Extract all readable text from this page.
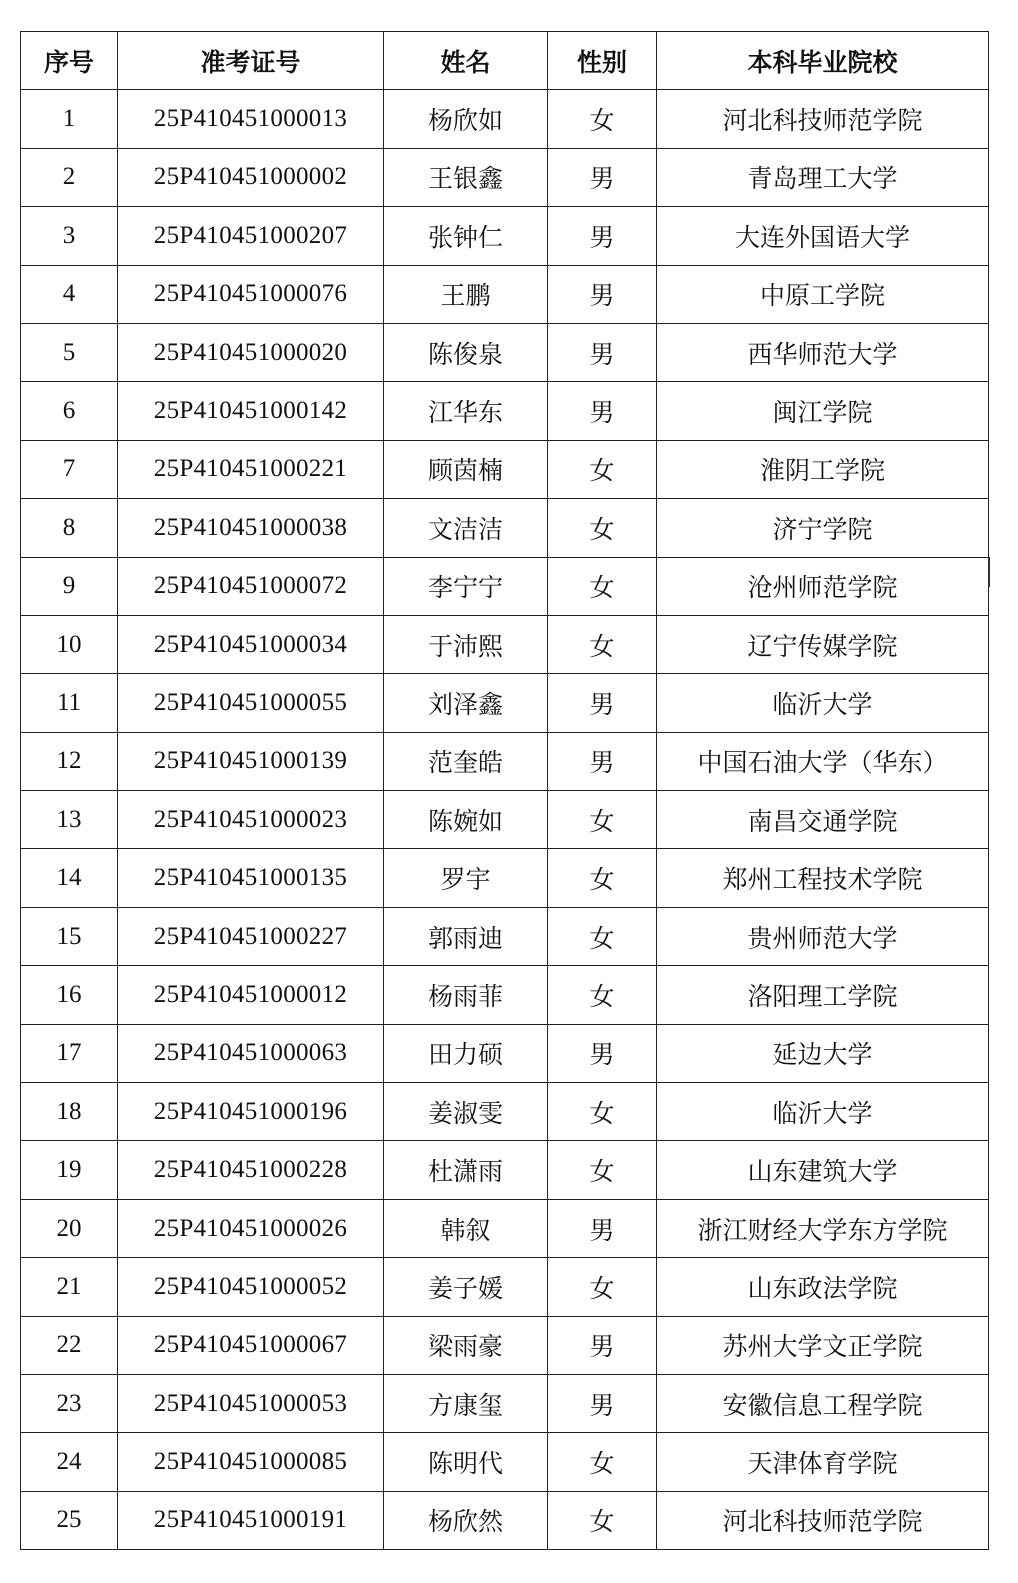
序号	准考证号	姓名	性别	本科毕业院校
1	25P410451000013	杨欣如	女	河北科技师范学院
2	25P410451000002	王银鑫	男	青岛理工大学
3	25P410451000207	张钟仁	男	大连外国语大学
4	25P410451000076	王鹏	男	中原工学院
5	25P410451000020	陈俊泉	男	西华师范大学
6	25P410451000142	江华东	男	闽江学院
7	25P410451000221	顾茵楠	女	淮阴工学院
8	25P410451000038	文洁洁	女	济宁学院
9	25P410451000072	李宁宁	女	沧州师范学院
10	25P410451000034	于沛熙	女	辽宁传媒学院
11	25P410451000055	刘泽鑫	男	临沂大学
12	25P410451000139	范奎皓	男	中国石油大学（华东）
13	25P410451000023	陈婉如	女	南昌交通学院
14	25P410451000135	罗宇	女	郑州工程技术学院
15	25P410451000227	郭雨迪	女	贵州师范大学
16	25P410451000012	杨雨菲	女	洛阳理工学院
17	25P410451000063	田力硕	男	延边大学
18	25P410451000196	姜淑雯	女	临沂大学
19	25P410451000228	杜潇雨	女	山东建筑大学
20	25P410451000026	韩叙	男	浙江财经大学东方学院
21	25P410451000052	姜子媛	女	山东政法学院
22	25P410451000067	梁雨豪	男	苏州大学文正学院
23	25P410451000053	方康玺	男	安徽信息工程学院
24	25P410451000085	陈明代	女	天津体育学院
25	25P410451000191	杨欣然	女	河北科技师范学院
